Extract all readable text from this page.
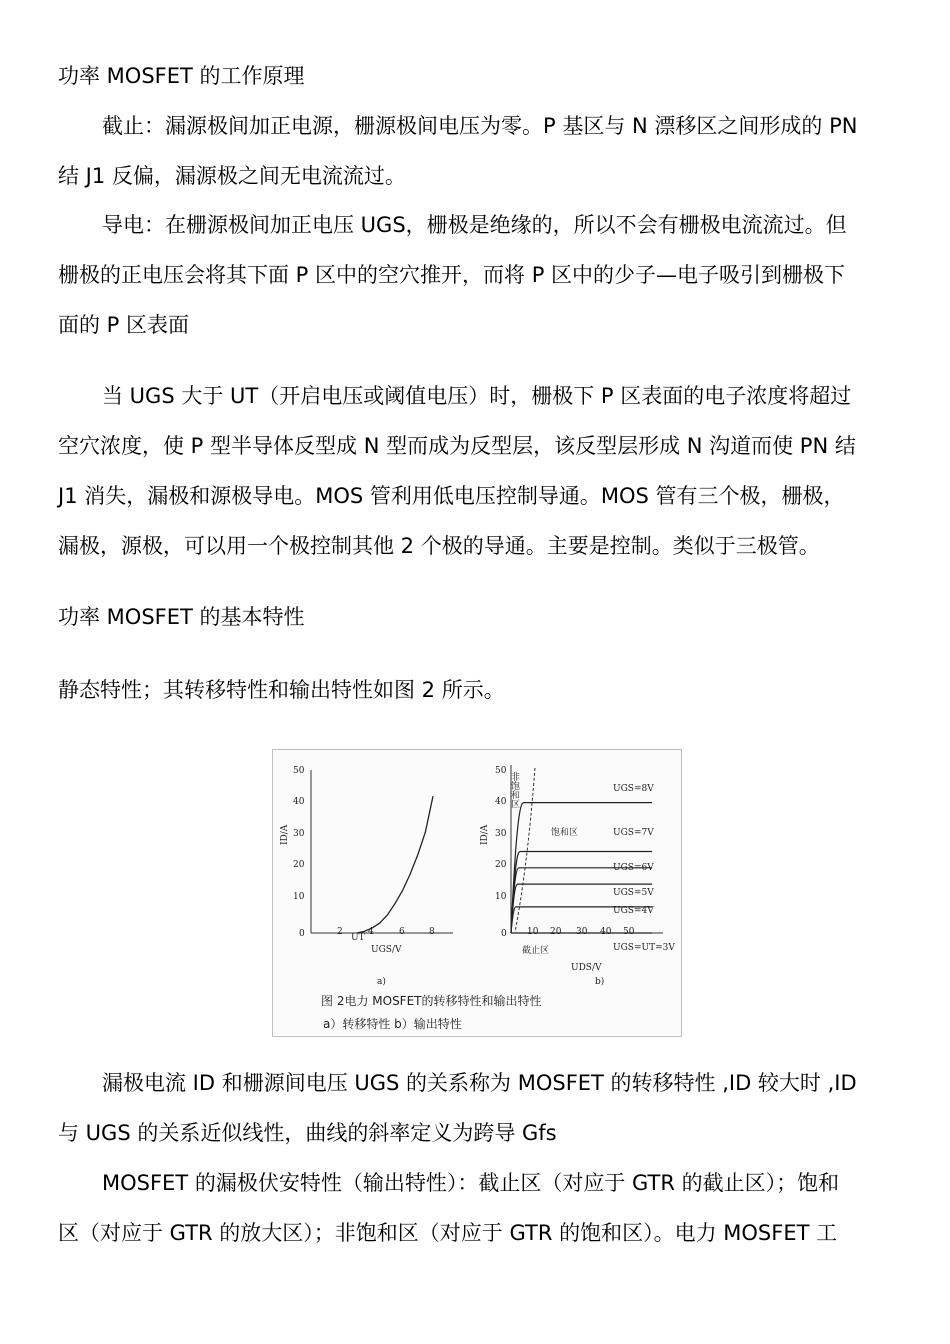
功率 MOSFET 的工作原理
截止：漏源极间加正电源，栅源极间电压为零。P 基区与 N 漂移区之间形成的 PN
结 J1 反偏，漏源极之间无电流流过。
导电：在栅源极间加正电压 UGS，栅极是绝缘的，所以不会有栅极电流流过。但
栅极的正电压会将其下面 P 区中的空穴推开，而将 P 区中的少子—电子吸引到栅极下
面的 P 区表面
当 UGS 大于 UT（开启电压或阈值电压）时，栅极下 P 区表面的电子浓度将超过
空穴浓度，使 P 型半导体反型成 N 型而成为反型层，该反型层形成 N 沟道而使 PN 结
J1 消失，漏极和源极导电。MOS 管利用低电压控制导通。MOS 管有三个极，栅极，
漏极，源极，可以用一个极控制其他 2 个极的导通。主要是控制。类似于三极管。
功率 MOSFET 的基本特性
静态特性；其转移特性和输出特性如图 2 所示。
50
40
30
20
10
0	2	4	6	8
UT
ID/A
UGS/V
a)
50
40
30
20
10
0 10 20 30 40 50
ID/A
UDS/V
b)
非饱和区
饱和区
截止区
UGS=8V
UGS=7V
UGS=6V
UGS=5V
UGS=4V
UGS=UT=3V
图 2电力 MOSFET的转移特性和输出特性
a）转移特性 b）输出特性
漏极电流 ID 和栅源间电压 UGS 的关系称为 MOSFET 的转移特性 ,ID 较大时 ,ID
与 UGS 的关系近似线性，曲线的斜率定义为跨导 Gfs
MOSFET 的漏极伏安特性（输出特性）：截止区（对应于 GTR 的截止区）；饱和
区（对应于 GTR 的放大区）；非饱和区（对应于 GTR 的饱和区）。电力 MOSFET 工
